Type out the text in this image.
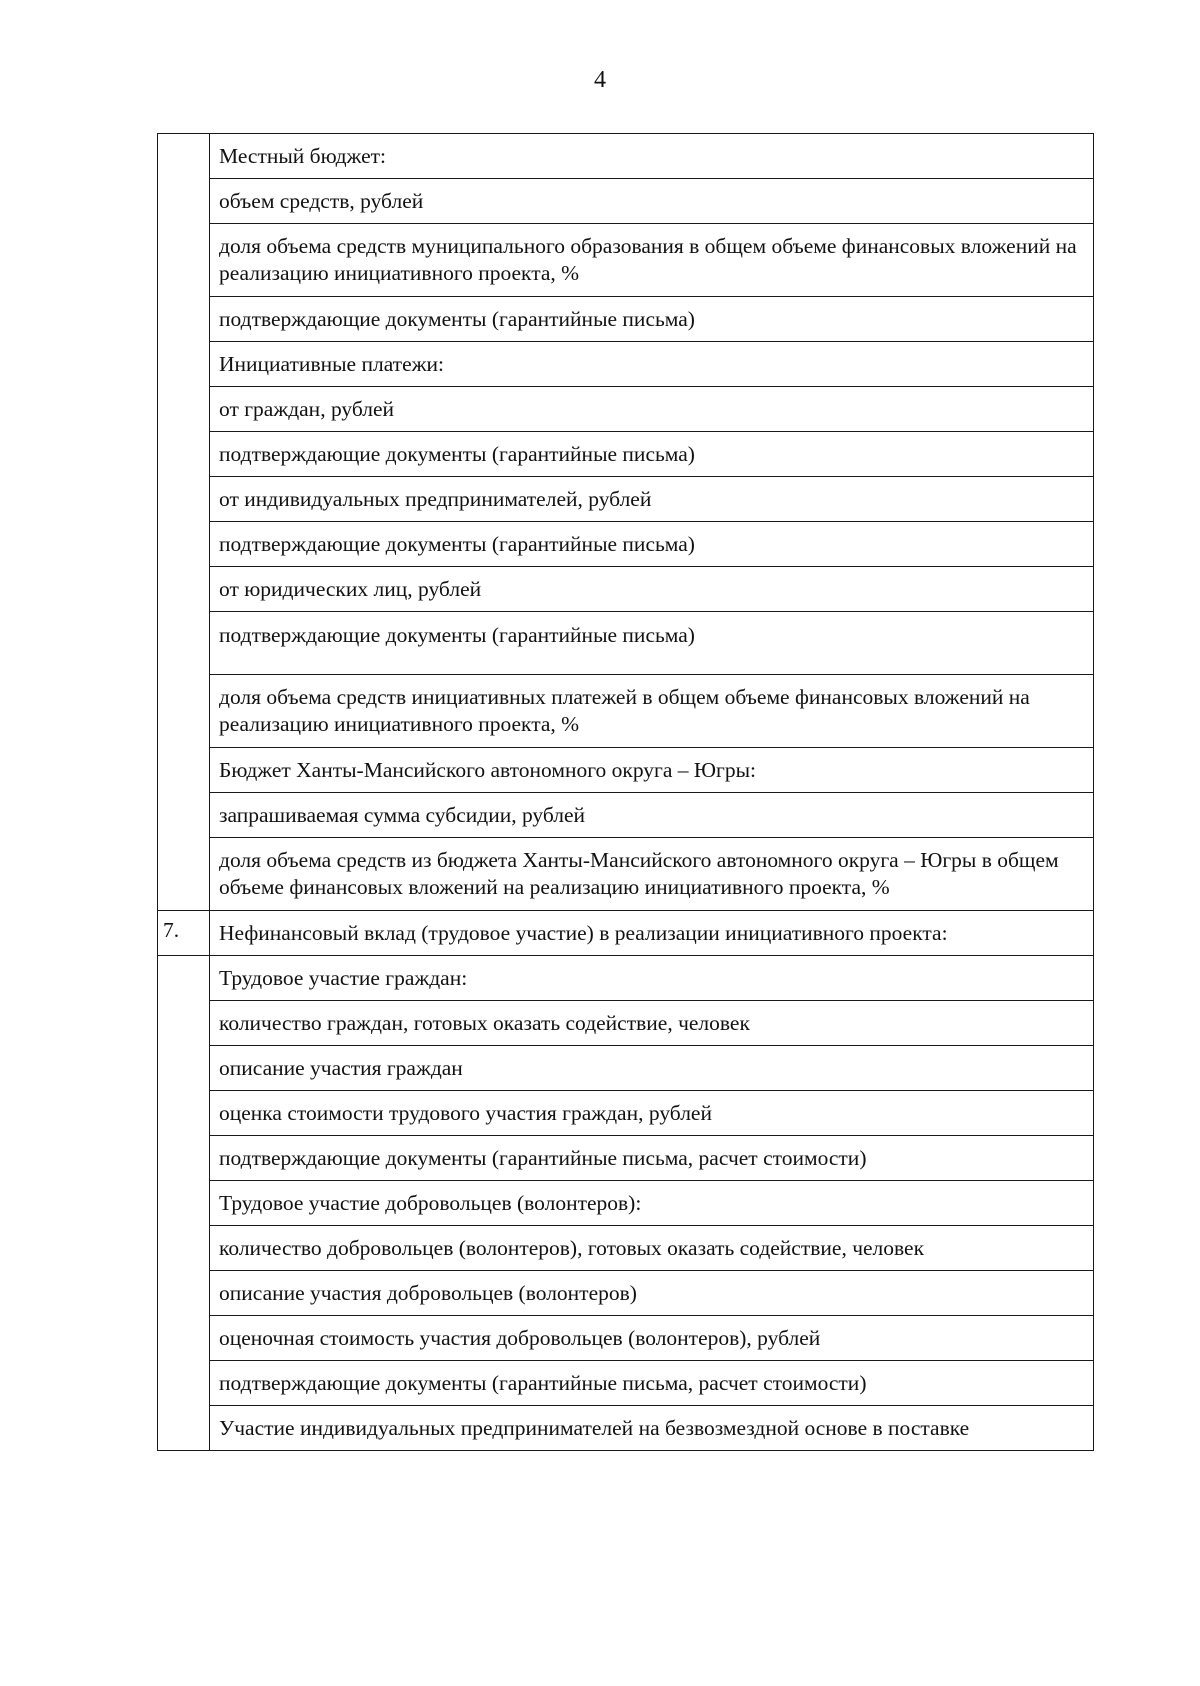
4
	Местный бюджет:
	объем средств, рублей
	доля объема средств муниципального образования в общем объеме финансовых вложений на реализацию инициативного проекта, %
	подтверждающие документы (гарантийные письма)
	Инициативные платежи:
	от граждан, рублей
	подтверждающие документы (гарантийные письма)
	от индивидуальных предпринимателей, рублей
	подтверждающие документы (гарантийные письма)
	от юридических лиц, рублей
	подтверждающие документы (гарантийные письма)
	доля объема средств инициативных платежей в общем объеме финансовых вложений на реализацию инициативного проекта, %
	Бюджет Ханты-Мансийского автономного округа – Югры:
	запрашиваемая сумма субсидии, рублей
	доля объема средств из бюджета Ханты-Мансийского автономного округа – Югры в общем объеме финансовых вложений на реализацию инициативного проекта, %

7.	Нефинансовый вклад (трудовое участие) в реализации инициативного проекта:
	Трудовое участие граждан:
	количество граждан, готовых оказать содействие, человек
	описание участия граждан
	оценка стоимости трудового участия граждан, рублей
	подтверждающие документы (гарантийные письма, расчет стоимости)
	Трудовое участие добровольцев (волонтеров):
	количество добровольцев (волонтеров), готовых оказать содействие, человек
	описание участия добровольцев (волонтеров)
	оценочная стоимость участия добровольцев (волонтеров), рублей
	подтверждающие документы (гарантийные письма, расчет стоимости)
	Участие индивидуальных предпринимателей на безвозмездной основе в поставке
